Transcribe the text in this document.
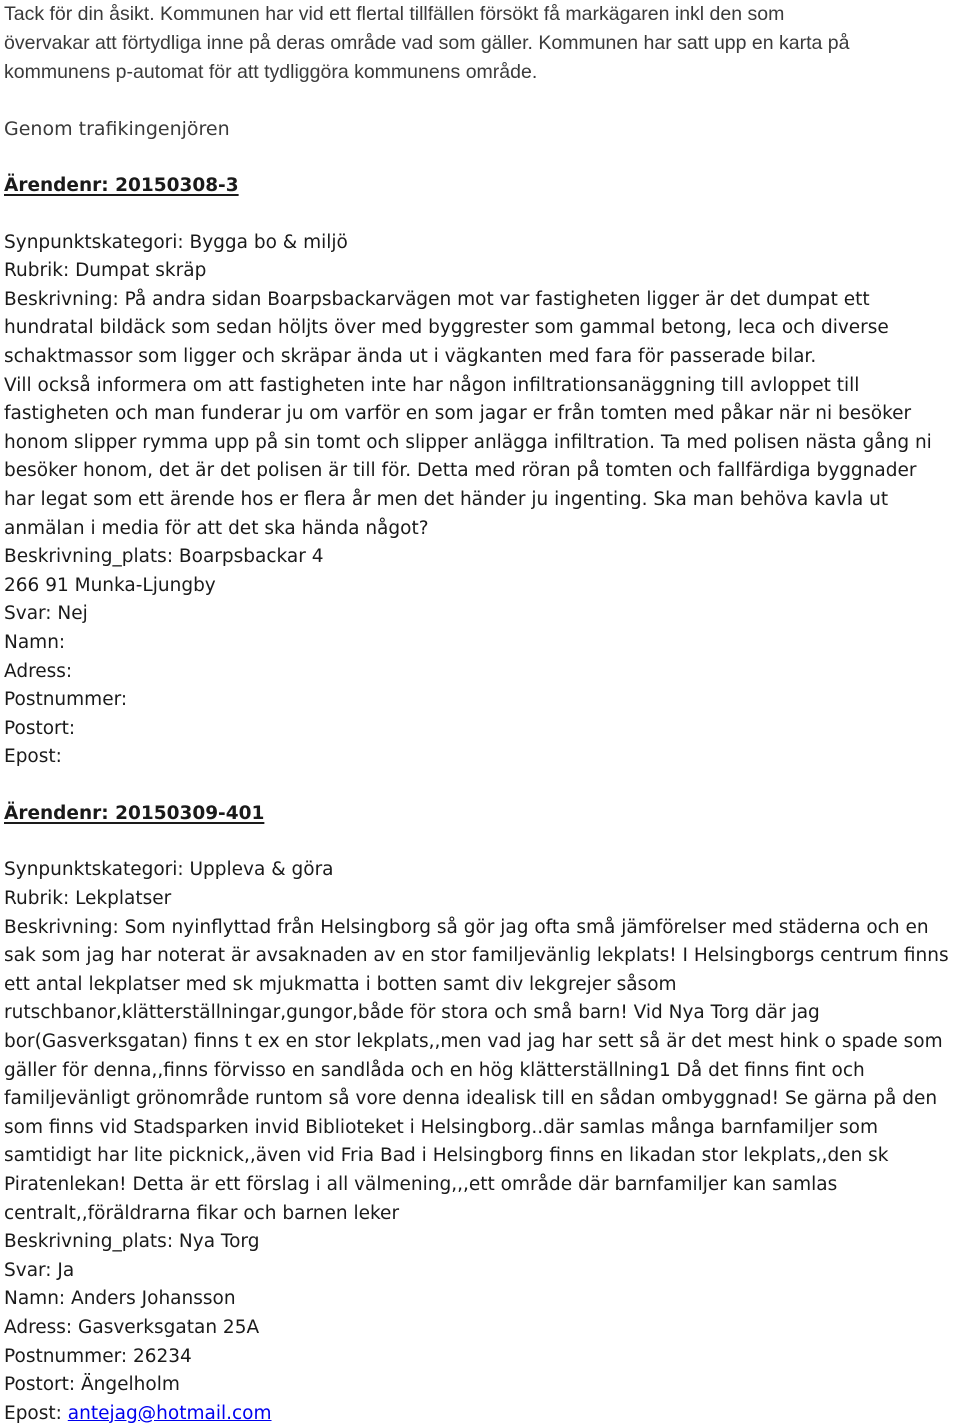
Tack för din åsikt. Kommunen har vid ett flertal tillfällen försökt få markägaren inkl den som
övervakar att förtydliga inne på deras område vad som gäller. Kommunen har satt upp en karta på
kommunens p-automat för att tydliggöra kommunens område.
Genom trafikingenjören
Ärendenr: 20150308-3
Synpunktskategori: Bygga bo & miljö
Rubrik: Dumpat skräp
Beskrivning: På andra sidan Boarpsbackarvägen mot var fastigheten ligger är det dumpat ett
hundratal bildäck som sedan höljts över med byggrester som gammal betong, leca och diverse
schaktmassor som ligger och skräpar ända ut i vägkanten med fara för passerade bilar.
Vill också informera om att fastigheten inte har någon infiltrationsanäggning till avloppet till
fastigheten och man funderar ju om varför en som jagar er från tomten med påkar när ni besöker
honom slipper rymma upp på sin tomt och slipper anlägga infiltration. Ta med polisen nästa gång ni
besöker honom, det är det polisen är till för. Detta med röran på tomten och fallfärdiga byggnader
har legat som ett ärende hos er flera år men det händer ju ingenting. Ska man behöva kavla ut
anmälan i media för att det ska hända något?
Beskrivning_plats: Boarpsbackar 4
266 91 Munka-Ljungby
Svar: Nej
Namn:
Adress:
Postnummer:
Postort:
Epost:
Ärendenr: 20150309-401
Synpunktskategori: Uppleva & göra
Rubrik: Lekplatser
Beskrivning: Som nyinflyttad från Helsingborg så gör jag ofta små jämförelser med städerna och en
sak som jag har noterat är avsaknaden av en stor familjevänlig lekplats! I Helsingborgs centrum finns
ett antal lekplatser med sk mjukmatta i botten samt div lekgrejer såsom
rutschbanor,klätterställningar,gungor,både för stora och små barn! Vid Nya Torg där jag
bor(Gasverksgatan) finns t ex en stor lekplats,,men vad jag har sett så är det mest hink o spade som
gäller för denna,,finns förvisso en sandlåda och en hög klätterställning1 Då det finns fint och
familjevänligt grönområde runtom så vore denna idealisk till en sådan ombyggnad! Se gärna på den
som finns vid Stadsparken invid Biblioteket i Helsingborg..där samlas många barnfamiljer som
samtidigt har lite picknick,,även vid Fria Bad i Helsingborg finns en likadan stor lekplats,,den sk
Piratenlekan! Detta är ett förslag i all välmening,,,ett område där barnfamiljer kan samlas
centralt,,föräldrarna fikar och barnen leker
Beskrivning_plats: Nya Torg
Svar: Ja
Namn: Anders Johansson
Adress: Gasverksgatan 25A
Postnummer: 26234
Postort: Ängelholm
Epost: antejag@hotmail.com
